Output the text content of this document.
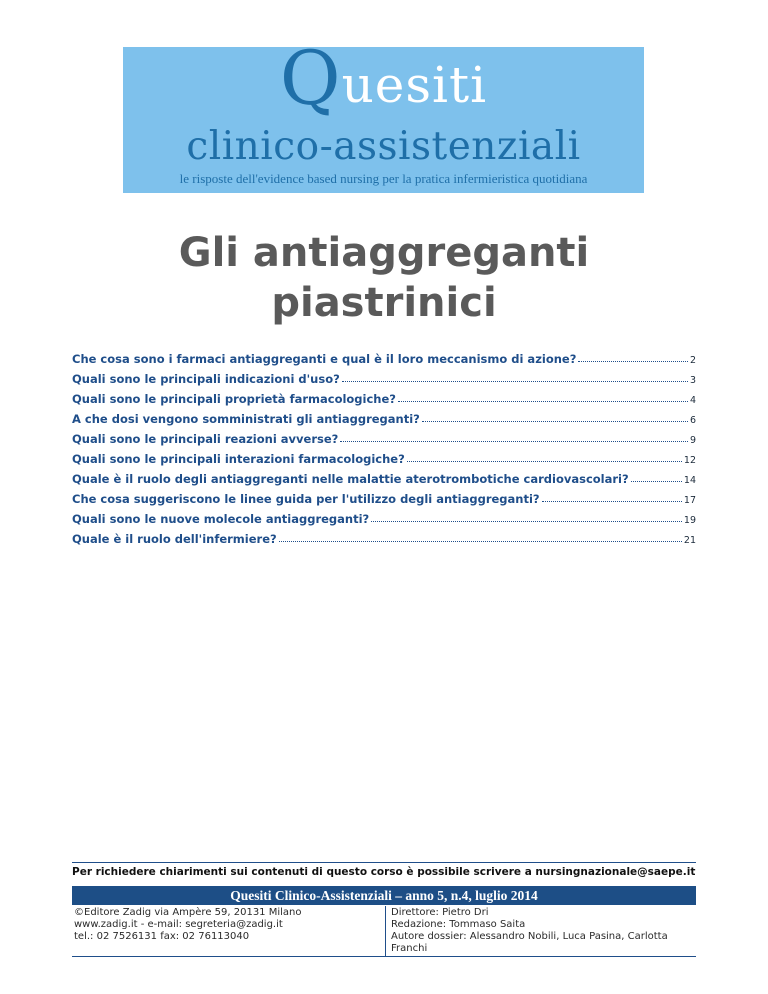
Quesiti
clinico-assistenziali
le risposte dell'evidence based nursing per la pratica infermieristica quotidiana
Gli antiaggreganti
piastrinici
Che cosa sono i farmaci antiaggreganti e qual è il loro meccanismo di azione?	2
Quali sono le principali indicazioni d'uso?	3
Quali sono le principali proprietà farmacologiche?	4
A che dosi vengono somministrati gli antiaggreganti?	6
Quali sono le principali reazioni avverse?	9
Quali sono le principali interazioni farmacologiche?	12
Quale è il ruolo degli antiaggreganti nelle malattie aterotrombotiche cardiovascolari?	14
Che cosa suggeriscono le linee guida per l'utilizzo degli antiaggreganti?	17
Quali sono le nuove molecole antiaggreganti?	19
Quale è il ruolo dell'infermiere?	21
Per richiedere chiarimenti sui contenuti di questo corso è possibile scrivere a nursingnazionale@saepe.it
Quesiti Clinico-Assistenziali – anno 5, n.4, luglio 2014
©Editore Zadig via Ampère 59, 20131 Milano
www.zadig.it - e-mail: segreteria@zadig.it
tel.: 02 7526131 fax: 02 76113040
Direttore: Pietro Dri
Redazione: Tommaso Saita
Autore dossier: Alessandro Nobili, Luca Pasina, Carlotta Franchi
